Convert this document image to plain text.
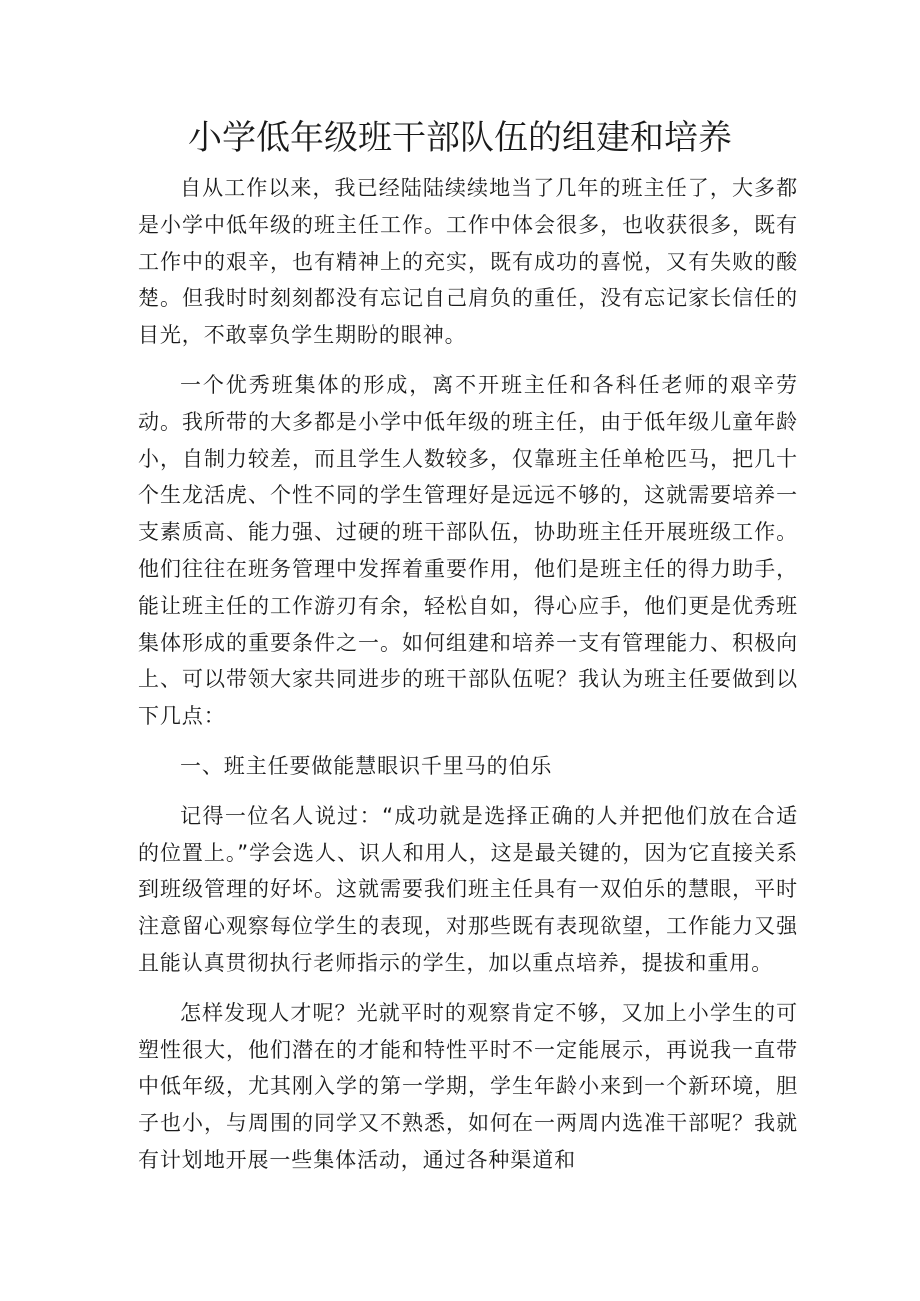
小学低年级班干部队伍的组建和培养

自从工作以来，我已经陆陆续续地当了几年的班主任了，大多都是小学中低年级的班主任工作。工作中体会很多，也收获很多，既有工作中的艰辛，也有精神上的充实，既有成功的喜悦，又有失败的酸楚。但我时时刻刻都没有忘记自己肩负的重任，没有忘记家长信任的目光，不敢辜负学生期盼的眼神。

一个优秀班集体的形成，离不开班主任和各科任老师的艰辛劳动。我所带的大多都是小学中低年级的班主任，由于低年级儿童年龄小，自制力较差，而且学生人数较多，仅靠班主任单枪匹马，把几十个生龙活虎、个性不同的学生管理好是远远不够的，这就需要培养一支素质高、能力强、过硬的班干部队伍，协助班主任开展班级工作。他们往往在班务管理中发挥着重要作用，他们是班主任的得力助手，能让班主任的工作游刃有余，轻松自如，得心应手，他们更是优秀班集体形成的重要条件之一。如何组建和培养一支有管理能力、积极向上、可以带领大家共同进步的班干部队伍呢？我认为班主任要做到以下几点：

一、班主任要做能慧眼识千里马的伯乐

记得一位名人说过：“成功就是选择正确的人并把他们放在合适的位置上。”学会选人、识人和用人，这是最关键的，因为它直接关系到班级管理的好坏。这就需要我们班主任具有一双伯乐的慧眼，平时注意留心观察每位学生的表现，对那些既有表现欲望，工作能力又强且能认真贯彻执行老师指示的学生，加以重点培养，提拔和重用。

怎样发现人才呢？光就平时的观察肯定不够，又加上小学生的可塑性很大，他们潜在的才能和特性平时不一定能展示，再说我一直带中低年级，尤其刚入学的第一学期，学生年龄小来到一个新环境，胆子也小，与周围的同学又不熟悉，如何在一两周内选准干部呢？我就有计划地开展一些集体活动，通过各种渠道和
